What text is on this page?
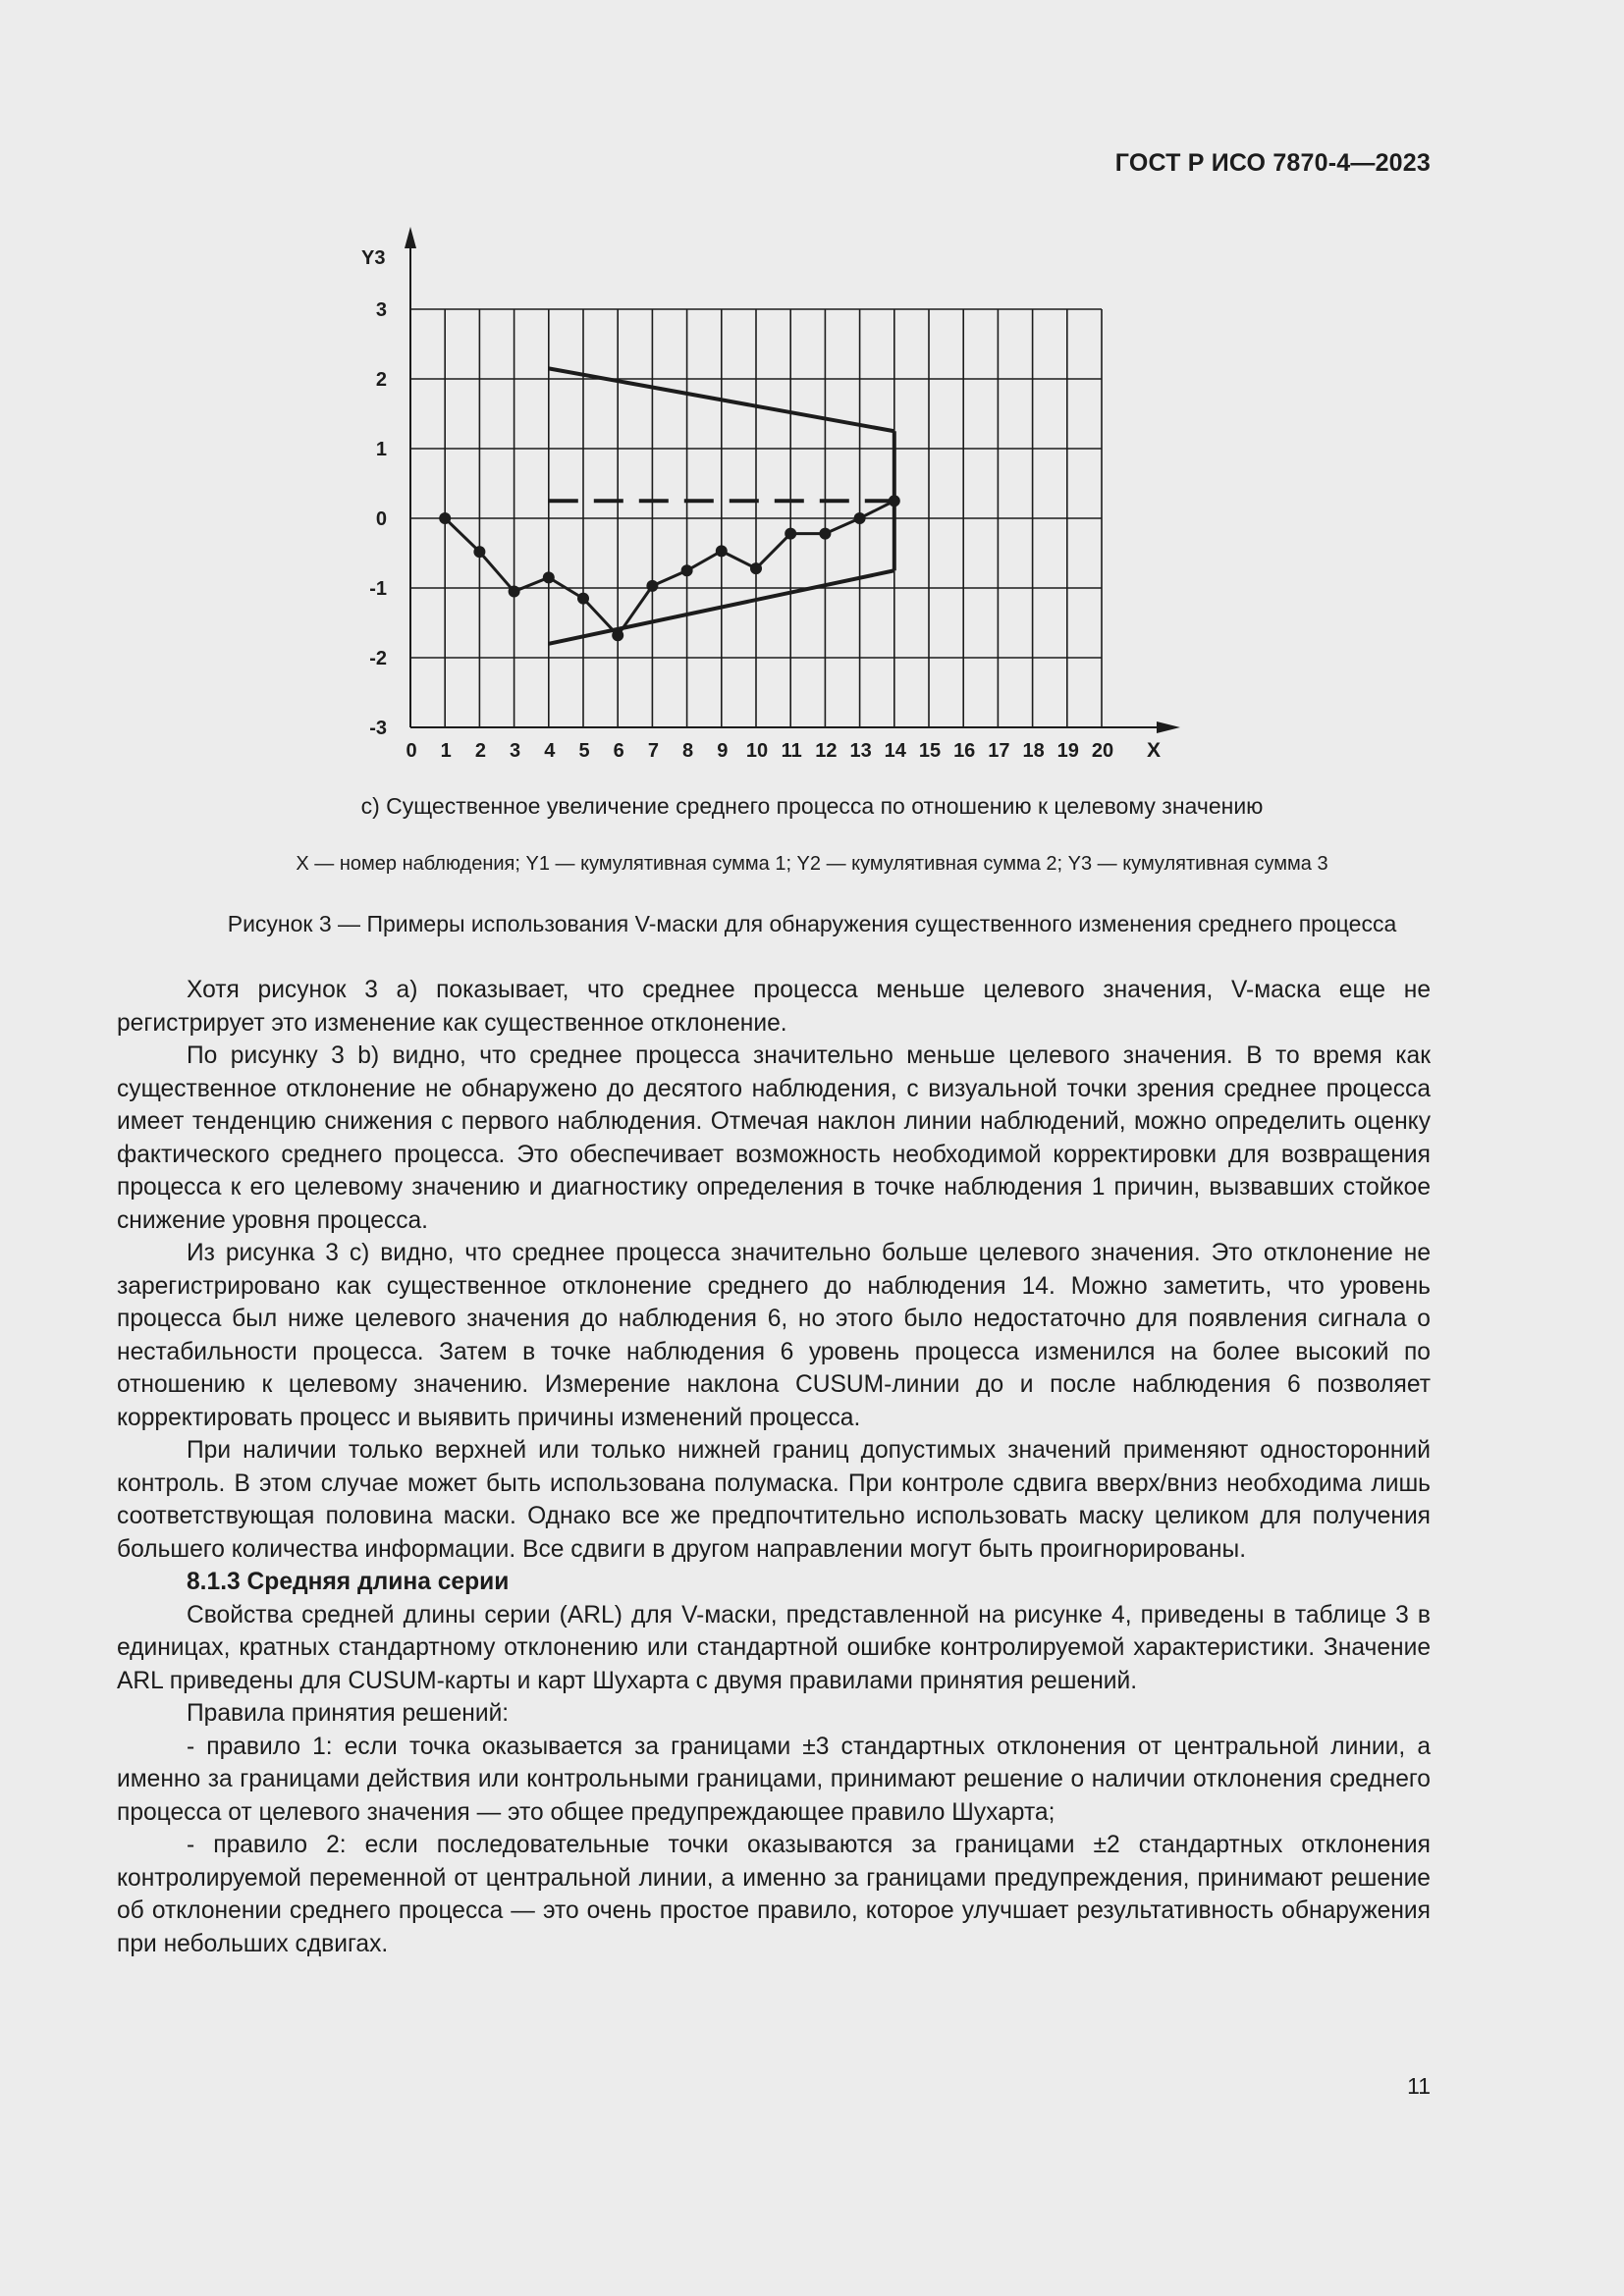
ГОСТ Р ИСО 7870-4—2023
3
2
1
0
-1
-2
-3
0 1 2 3 4 5 6 7 8 9 10 11 12 13 14 15 16 17 18 19 20
Y3
X
с) Существенное увеличение среднего процесса по отношению к целевому значению
X — номер наблюдения; Y1 — кумулятивная сумма 1; Y2 — кумулятивная сумма 2; Y3 — кумулятивная сумма 3
Рисунок 3 — Примеры использования V-маски для обнаружения существенного изменения среднего процесса

Хотя рисунок 3 а) показывает, что среднее процесса меньше целевого значения, V-маска еще не регистрирует это изменение как существенное отклонение.

По рисунку 3 b) видно, что среднее процесса значительно меньше целевого значения. В то время как существенное отклонение не обнаружено до десятого наблюдения, с визуальной точки зрения среднее процесса имеет тенденцию снижения с первого наблюдения. Отмечая наклон линии наблюдений, можно определить оценку фактического среднего процесса. Это обеспечивает возможность необходимой корректировки для возвращения процесса к его целевому значению и диагностику определения в точке наблюдения 1 причин, вызвавших стойкое снижение уровня процесса.

Из рисунка 3 с) видно, что среднее процесса значительно больше целевого значения. Это отклонение не зарегистрировано как существенное отклонение среднего до наблюдения 14. Можно заметить, что уровень процесса был ниже целевого значения до наблюдения 6, но этого было недостаточно для появления сигнала о нестабильности процесса. Затем в точке наблюдения 6 уровень процесса изменился на более высокий по отношению к целевому значению. Измерение наклона CUSUM-линии до и после наблюдения 6 позволяет корректировать процесс и выявить причины изменений процесса.

При наличии только верхней или только нижней границ допустимых значений применяют односторонний контроль. В этом случае может быть использована полумаска. При контроле сдвига вверх/вниз необходима лишь соответствующая половина маски. Однако все же предпочтительно использовать маску целиком для получения большего количества информации. Все сдвиги в другом направлении могут быть проигнорированы.

8.1.3 Средняя длина серии

Свойства средней длины серии (ARL) для V-маски, представленной на рисунке 4, приведены в таблице 3 в единицах, кратных стандартному отклонению или стандартной ошибке контролируемой характеристики. Значение ARL приведены для CUSUM-карты и карт Шухарта с двумя правилами принятия решений.

Правила принятия решений:

- правило 1: если точка оказывается за границами ±3 стандартных отклонения от центральной линии, а именно за границами действия или контрольными границами, принимают решение о наличии отклонения среднего процесса от целевого значения — это общее предупреждающее правило Шухарта;

- правило 2: если последовательные точки оказываются за границами ±2 стандартных отклонения контролируемой переменной от центральной линии, а именно за границами предупреждения, принимают решение об отклонении среднего процесса — это очень простое правило, которое улучшает результативность обнаружения при небольших сдвигах.

11
